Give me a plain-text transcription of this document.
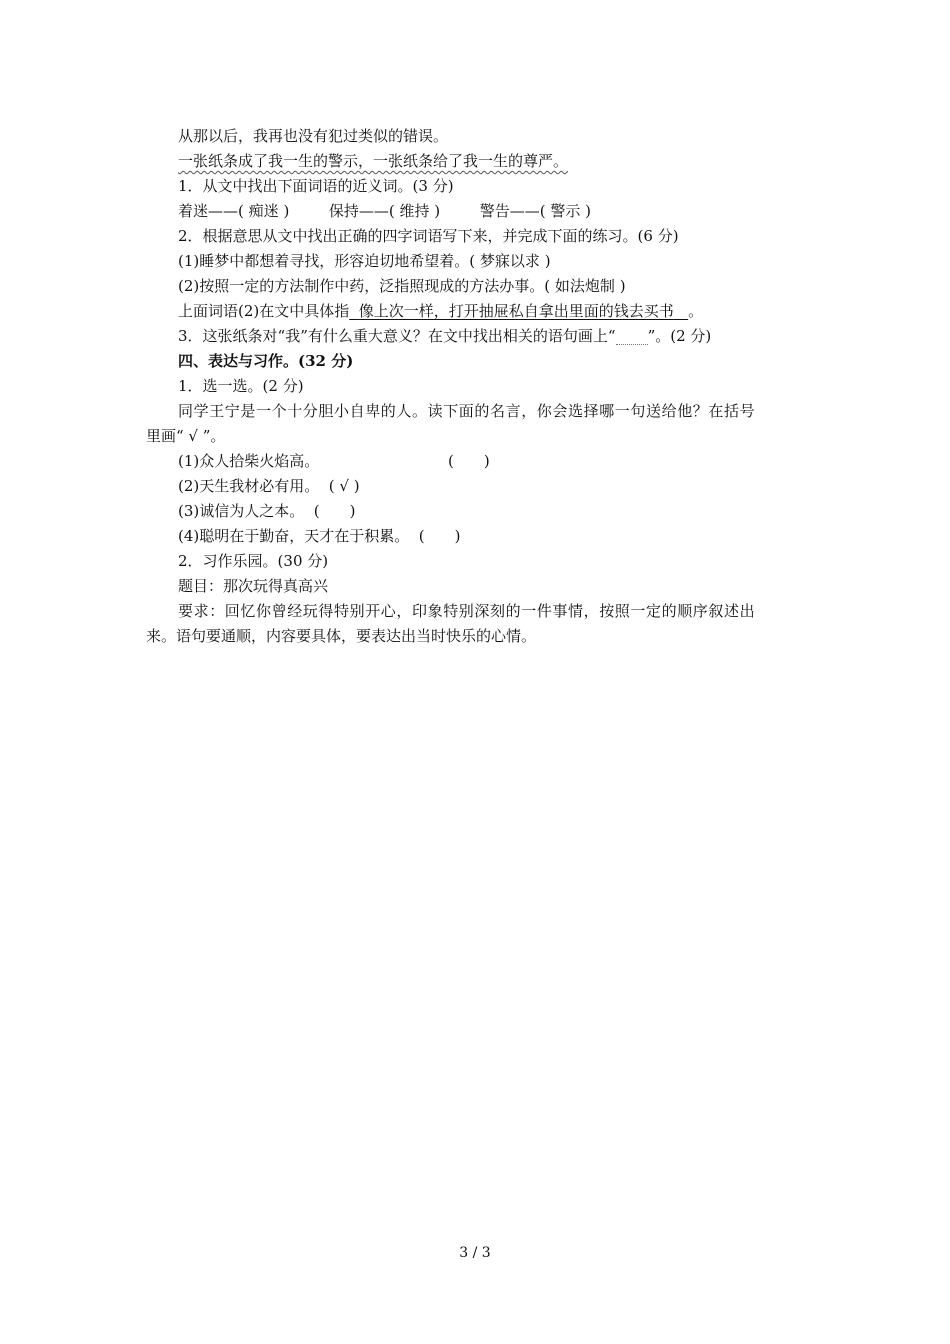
从那以后，我再也没有犯过类似的错误。
一张纸条成了我一生的警示，一张纸条给了我一生的尊严。
1．从文中找出下面词语的近义词。(3 分)
着迷——( 痴迷 )	保持——( 维持 )	警告——( 警示 )
2．根据意思从文中找出正确的四字词语写下来，并完成下面的练习。(6 分)
(1)睡梦中都想着寻找，形容迫切地希望着。( 梦寐以求 )
(2)按照一定的方法制作中药，泛指照现成的方法办事。( 如法炮制 )
上面词语(2)在文中具体指 像上次一样，打开抽屉私自拿出里面的钱去买书 。
3．这张纸条对“我”有什么重大意义？在文中找出相关的语句画上“ ”。(2 分)
四、表达与习作。(32 分)
1．选一选。(2 分)
同学王宁是一个十分胆小自卑的人。读下面的名言，你会选择哪一句送给他？在括号
里画“ √ ”。
(1)众人拾柴火焰高。	(　　)
(2)天生我材必有用。 ( √ )
(3)诚信为人之本。 (　　)
(4)聪明在于勤奋，天才在于积累。 (　　)
2．习作乐园。(30 分)
题目：那次玩得真高兴
要求：回忆你曾经玩得特别开心，印象特别深刻的一件事情，按照一定的顺序叙述出
来。语句要通顺，内容要具体，要表达出当时快乐的心情。
3 / 3
